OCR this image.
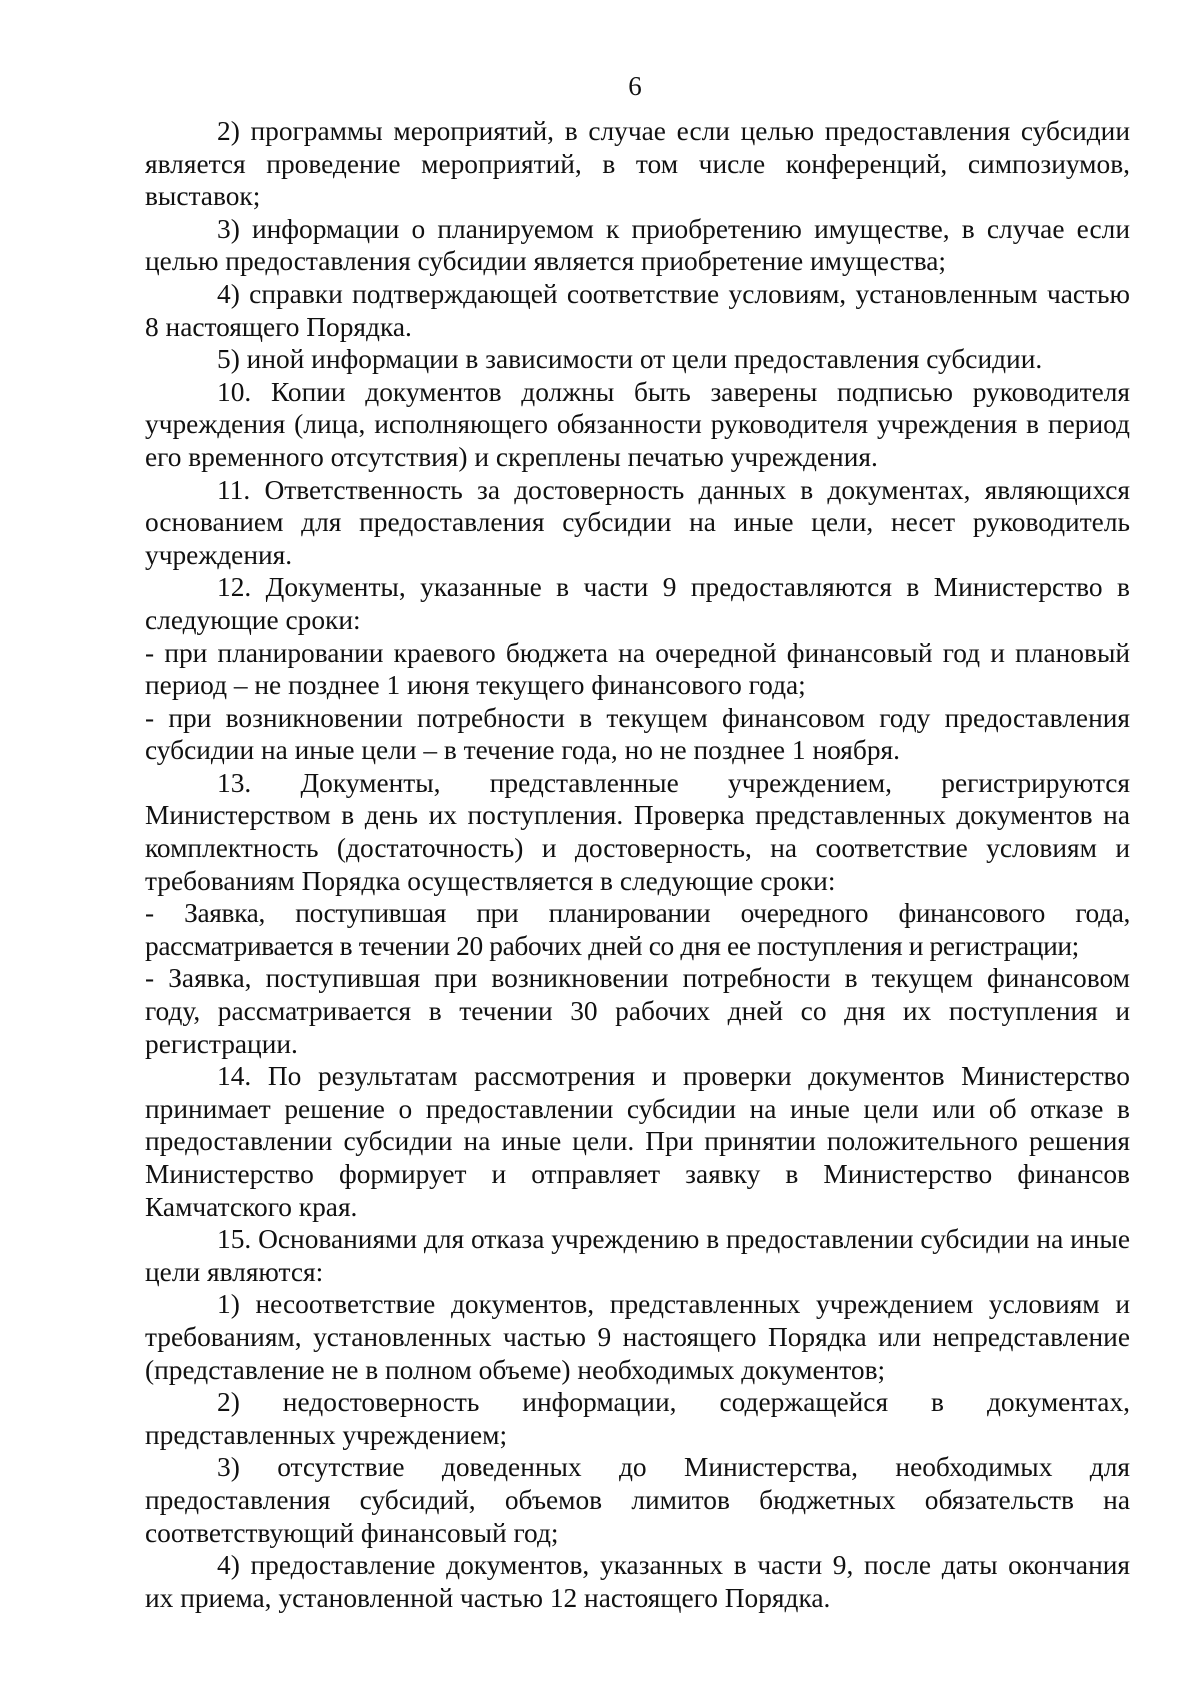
6

2) программы мероприятий, в случае если целью предоставления субсидии является проведение мероприятий, в том числе конференций, симпозиумов, выставок;

3) информации о планируемом к приобретению имуществе, в случае если целью предоставления субсидии является приобретение имущества;

4) справки подтверждающей соответствие условиям, установленным частью 8 настоящего Порядка.

5) иной информации в зависимости от цели предоставления субсидии.

10. Копии документов должны быть заверены подписью руководителя учреждения (лица, исполняющего обязанности руководителя учреждения в период его временного отсутствия) и скреплены печатью учреждения.

11. Ответственность за достоверность данных в документах, являющихся основанием для предоставления субсидии на иные цели, несет руководитель учреждения.

12. Документы, указанные в части 9 предоставляются в Министерство в следующие сроки:

- при планировании краевого бюджета на очередной финансовый год и плановый период – не позднее 1 июня текущего финансового года;

- при возникновении потребности в текущем финансовом году предоставления субсидии на иные цели – в течение года, но не позднее 1 ноября.

13. Документы, представленные учреждением, регистрируются Министерством в день их поступления. Проверка представленных документов на комплектность (достаточность) и достоверность, на соответствие условиям и требованиям Порядка осуществляется в следующие сроки:

- Заявка, поступившая при планировании очередного финансового года, рассматривается в течении 20 рабочих дней со дня ее поступления и регистрации;

- Заявка, поступившая при возникновении потребности в текущем финансовом году, рассматривается в течении 30 рабочих дней со дня их поступления и регистрации.

14. По результатам рассмотрения и проверки документов Министерство принимает решение о предоставлении субсидии на иные цели или об отказе в предоставлении субсидии на иные цели. При принятии положительного решения Министерство формирует и отправляет заявку в Министерство финансов Камчатского края.

15. Основаниями для отказа учреждению в предоставлении субсидии на иные цели являются:

1) несоответствие документов, представленных учреждением условиям и требованиям, установленных частью 9 настоящего Порядка или непредставление (представление не в полном объеме) необходимых документов;

2) недостоверность информации, содержащейся в документах, представленных учреждением;

3) отсутствие доведенных до Министерства, необходимых для предоставления субсидий, объемов лимитов бюджетных обязательств на соответствующий финансовый год;

4) предоставление документов, указанных в части 9, после даты окончания их приема, установленной частью 12 настоящего Порядка.
